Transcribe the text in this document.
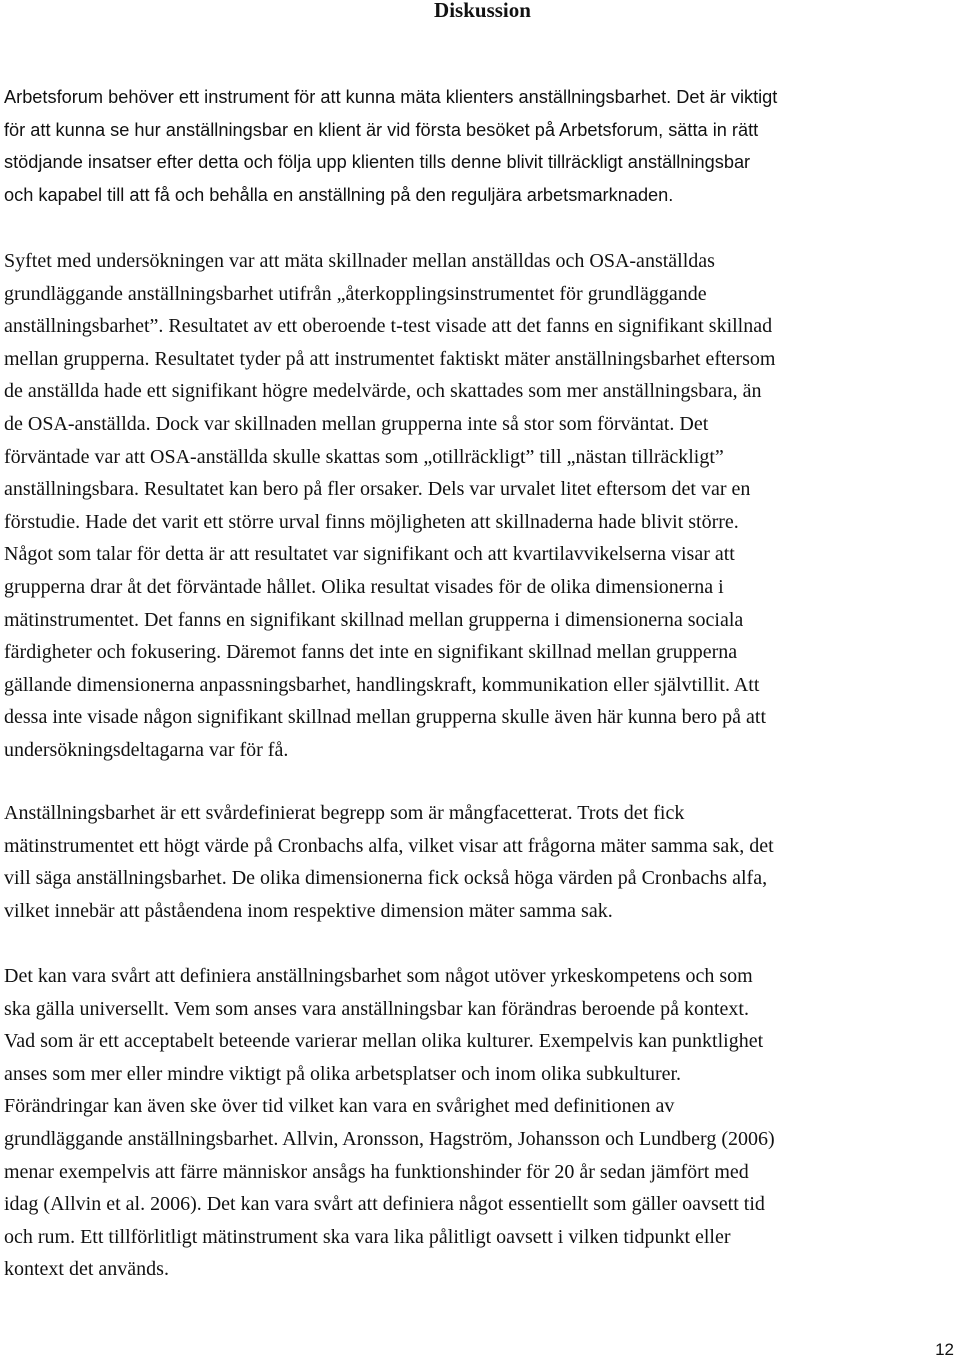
Diskussion

Arbetsforum behöver ett instrument för att kunna mäta klienters anställningsbarhet. Det är viktigt
för att kunna se hur anställningsbar en klient är vid första besöket på Arbetsforum, sätta in rätt
stödjande insatser efter detta och följa upp klienten tills denne blivit tillräckligt anställningsbar
och kapabel till att få och behålla en anställning på den reguljära arbetsmarknaden.

Syftet med undersökningen var att mäta skillnader mellan anställdas och OSA-anställdas
grundläggande anställningsbarhet utifrån „återkopplingsinstrumentet för grundläggande
anställningsbarhet”. Resultatet av ett oberoende t-test visade att det fanns en signifikant skillnad
mellan grupperna. Resultatet tyder på att instrumentet faktiskt mäter anställningsbarhet eftersom
de anställda hade ett signifikant högre medelvärde, och skattades som mer anställningsbara, än
de OSA-anställda. Dock var skillnaden mellan grupperna inte så stor som förväntat. Det
förväntade var att OSA-anställda skulle skattas som „otillräckligt” till „nästan tillräckligt”
anställningsbara. Resultatet kan bero på fler orsaker. Dels var urvalet litet eftersom det var en
förstudie. Hade det varit ett större urval finns möjligheten att skillnaderna hade blivit större.
Något som talar för detta är att resultatet var signifikant och att kvartilavvikelserna visar att
grupperna drar åt det förväntade hållet. Olika resultat visades för de olika dimensionerna i
mätinstrumentet. Det fanns en signifikant skillnad mellan grupperna i dimensionerna sociala
färdigheter och fokusering. Däremot fanns det inte en signifikant skillnad mellan grupperna
gällande dimensionerna anpassningsbarhet, handlingskraft, kommunikation eller självtillit. Att
dessa inte visade någon signifikant skillnad mellan grupperna skulle även här kunna bero på att
undersökningsdeltagarna var för få.

Anställningsbarhet är ett svårdefinierat begrepp som är mångfacetterat. Trots det fick
mätinstrumentet ett högt värde på Cronbachs alfa, vilket visar att frågorna mäter samma sak, det
vill säga anställningsbarhet. De olika dimensionerna fick också höga värden på Cronbachs alfa,
vilket innebär att påståendena inom respektive dimension mäter samma sak.

Det kan vara svårt att definiera anställningsbarhet som något utöver yrkeskompetens och som
ska gälla universellt. Vem som anses vara anställningsbar kan förändras beroende på kontext.
Vad som är ett acceptabelt beteende varierar mellan olika kulturer. Exempelvis kan punktlighet
anses som mer eller mindre viktigt på olika arbetsplatser och inom olika subkulturer.
Förändringar kan även ske över tid vilket kan vara en svårighet med definitionen av
grundläggande anställningsbarhet. Allvin, Aronsson, Hagström, Johansson och Lundberg (2006)
menar exempelvis att färre människor ansågs ha funktionshinder för 20 år sedan jämfört med
idag (Allvin et al. 2006). Det kan vara svårt att definiera något essentiellt som gäller oavsett tid
och rum. Ett tillförlitligt mätinstrument ska vara lika pålitligt oavsett i vilken tidpunkt eller
kontext det används.

12
